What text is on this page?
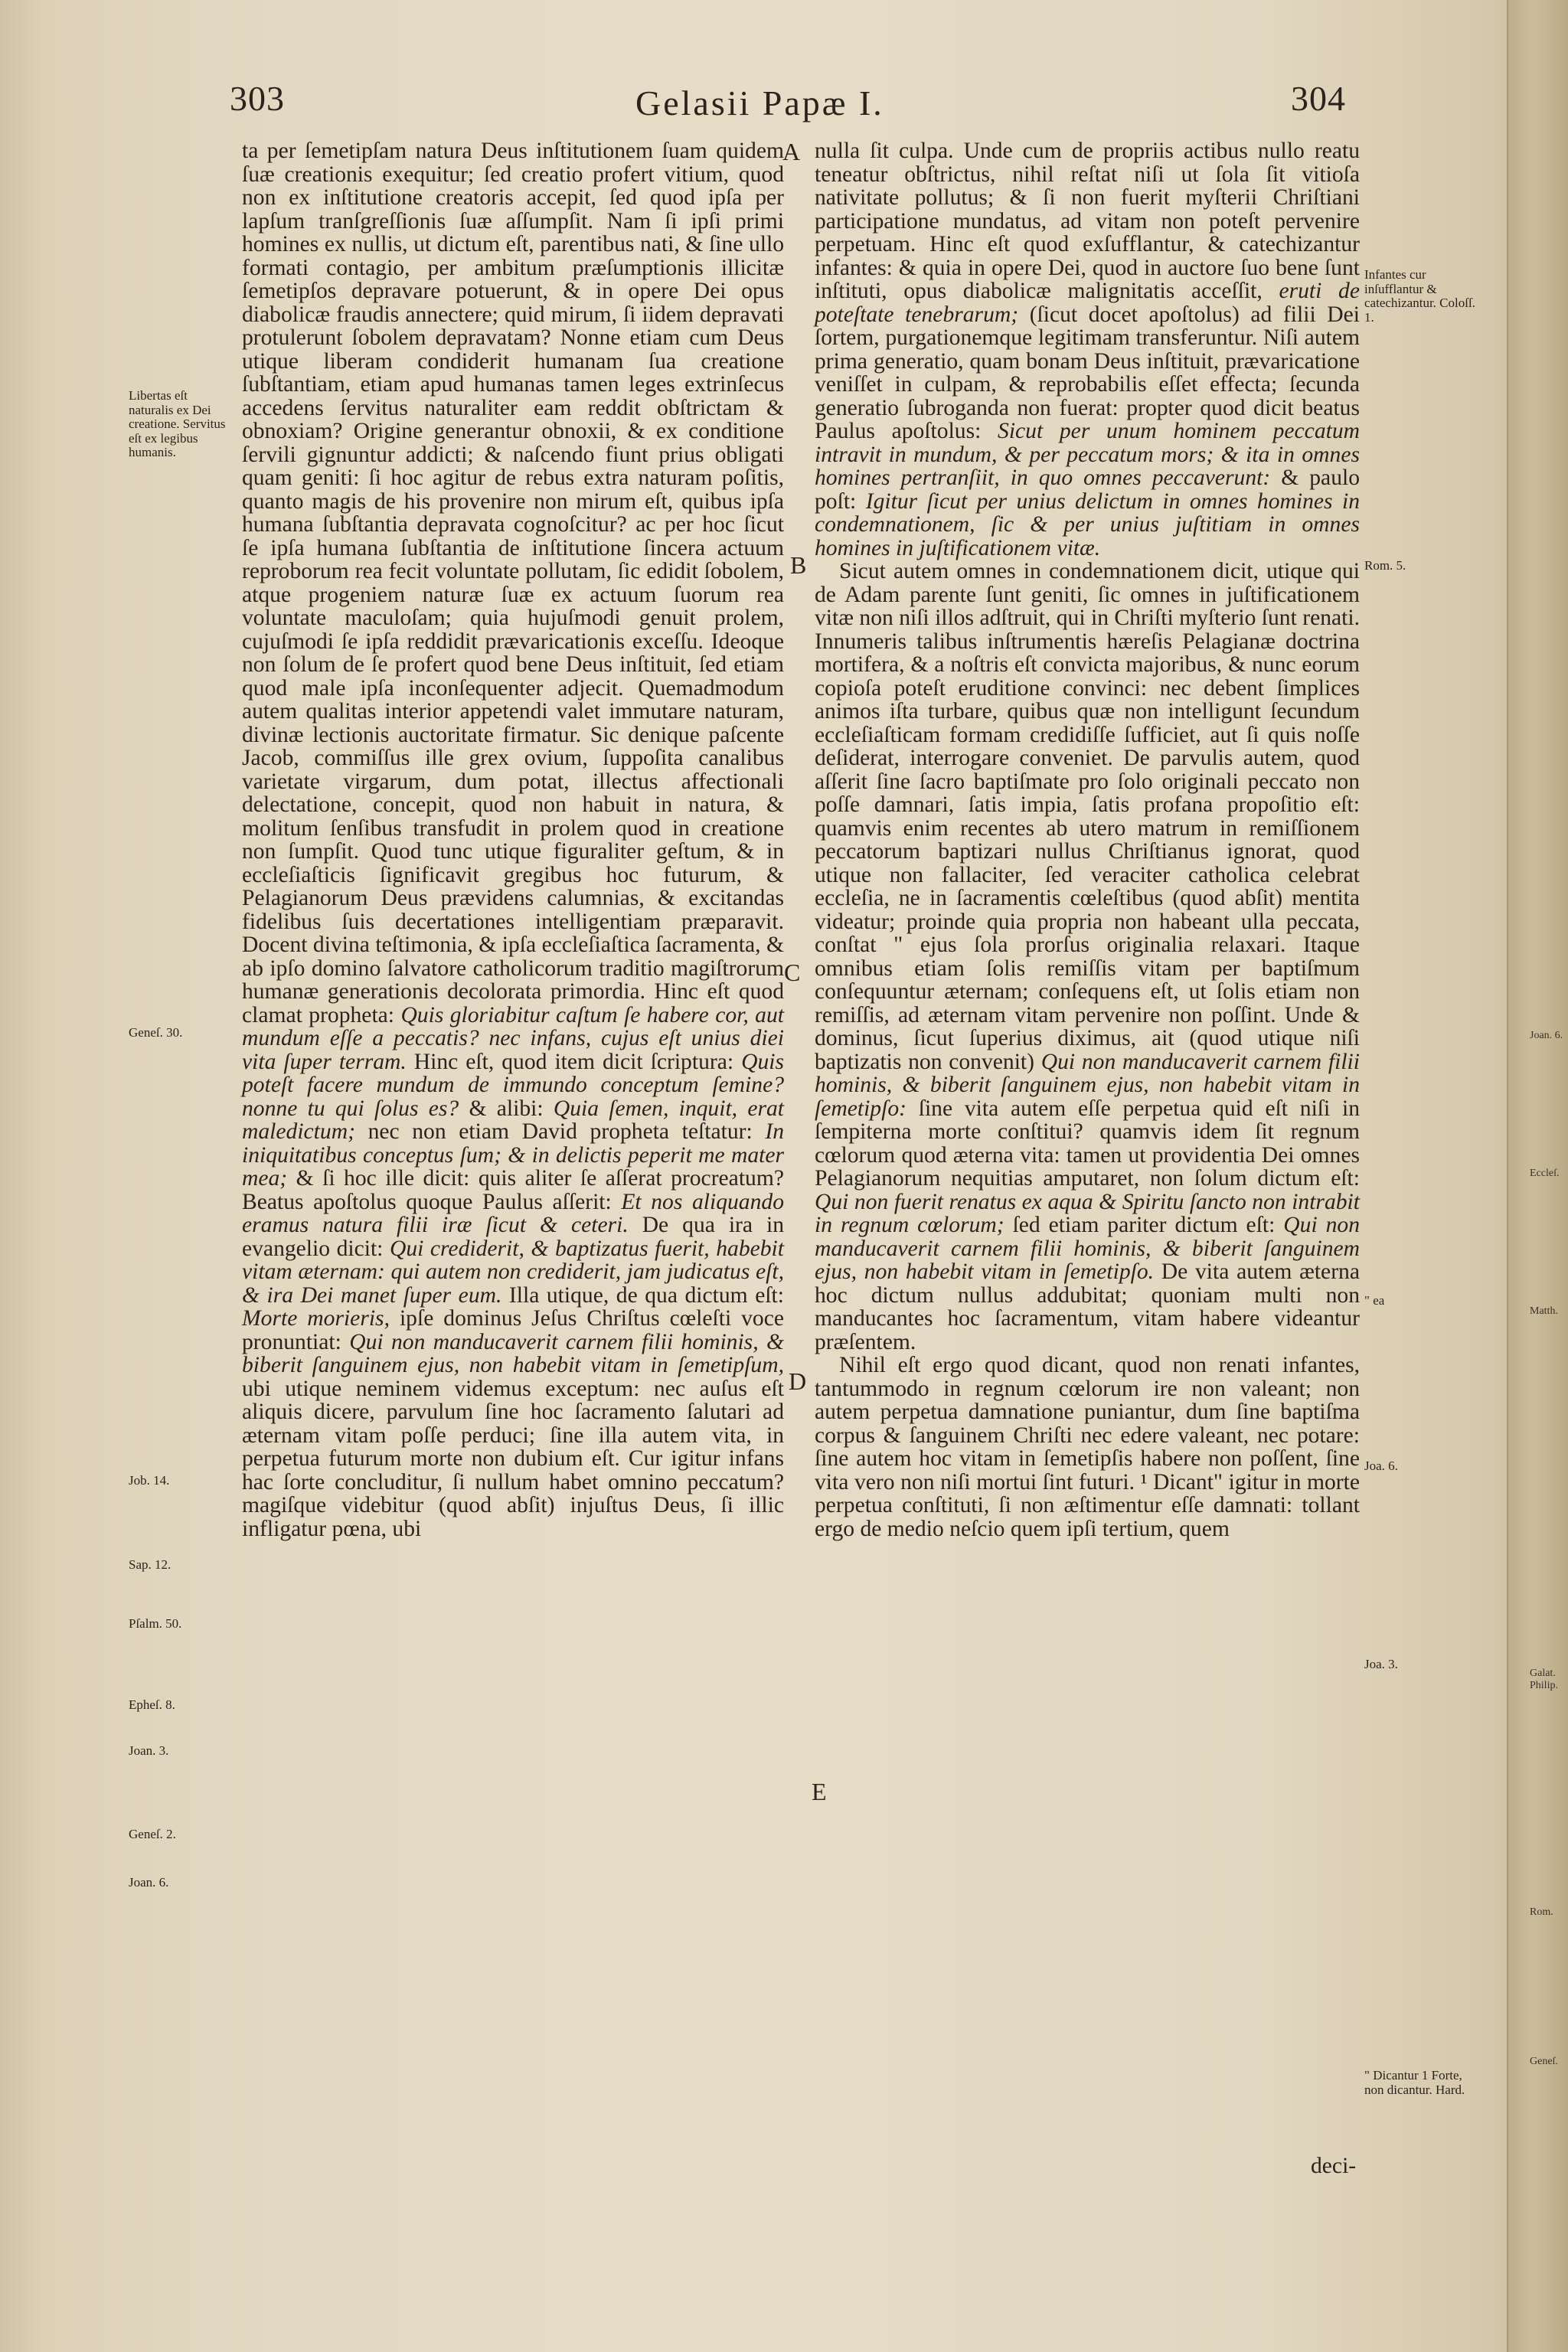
303	Gelasii Papæ I.	304

ta per ſemetipſam natura Deus inſtitutionem ſuam quidem ſuæ creationis exequitur; ſed creatio profert vitium, quod non ex inſtitutione creatoris accepit, ſed quod ipſa per lapſum tranſgreſſionis ſuæ aſſumpſit. Nam ſi ipſi primi homines ex nullis, ut dictum eſt, parentibus nati, & ſine ullo formati contagio, per ambitum præſumptionis illicitæ ſemetipſos depravare potuerunt, & in opere Dei opus diabolicæ fraudis annectere; quid mirum, ſi iidem depravati protulerunt ſobolem depravatam? Nonne etiam cum Deus utique liberam condiderit humanam ſua creatione ſubſtantiam, etiam apud humanas tamen leges extrinſecus accedens ſervitus naturaliter eam reddit obſtrictam & obnoxiam? Origine generantur obnoxii, & ex conditione ſervili gignuntur addicti; & naſcendo fiunt prius obligati quam geniti: ſi hoc agitur de rebus extra naturam poſitis, quanto magis de his provenire non mirum eſt, quibus ipſa humana ſubſtantia depravata cognoſcitur? ac per hoc ſicut ſe ipſa humana ſubſtantia de inſtitutione ſincera actuum reproborum rea fecit voluntate pollutam, ſic edidit ſobolem, atque progeniem naturæ ſuæ ex actuum ſuorum rea voluntate maculoſam; quia hujuſmodi genuit prolem, cujuſmodi ſe ipſa reddidit prævaricationis exceſſu. Ideoque non ſolum de ſe profert quod bene Deus inſtituit, ſed etiam quod male ipſa inconſequenter adjecit. Quemadmodum autem qualitas interior appetendi valet immutare naturam, divinæ lectionis auctoritate firmatur. Sic denique paſcente Jacob, commiſſus ille grex ovium, ſuppoſita canalibus varietate virgarum, dum potat, illectus affectionali delectatione, concepit, quod non habuit in natura, & molitum ſenſibus transfudit in prolem quod in creatione non ſumpſit. Quod tunc utique figuraliter geſtum, & in eccleſiaſticis ſignificavit gregibus hoc futurum, & Pelagianorum Deus prævidens calumnias, & excitandas fidelibus ſuis decertationes intelligentiam præparavit. Docent divina teſtimonia, & ipſa eccleſiaſtica ſacramenta, & ab ipſo domino ſalvatore catholicorum traditio magiſtrorum humanæ generationis decolorata primordia. Hinc eſt quod clamat propheta: Quis gloriabitur caſtum ſe habere cor, aut mundum eſſe a peccatis? nec infans, cujus eſt unius diei vita ſuper terram. Hinc eſt, quod item dicit ſcriptura: Quis poteſt facere mundum de immundo conceptum ſemine? nonne tu qui ſolus es? & alibi: Quia ſemen, inquit, erat maledictum; nec non etiam David propheta teſtatur: In iniquitatibus conceptus ſum; & in delictis peperit me mater mea; & ſi hoc ille dicit: quis aliter ſe aſſerat procreatum? Beatus apoſtolus quoque Paulus aſſerit: Et nos aliquando eramus natura filii iræ ſicut & ceteri. De qua ira in evangelio dicit: Qui crediderit, & baptizatus fuerit, habebit vitam æternam: qui autem non crediderit, jam judicatus eſt, & ira Dei manet ſuper eum. Illa utique, de qua dictum eſt: Morte morieris, ipſe dominus Jeſus Chriſtus cœleſti voce pronuntiat: Qui non manducaverit carnem filii hominis, & biberit ſanguinem ejus, non habebit vitam in ſemetipſum, ubi utique neminem videmus exceptum: nec auſus eſt aliquis dicere, parvulum ſine hoc ſacramento ſalutari ad æternam vitam poſſe perduci; ſine illa autem vita, in perpetua futurum morte non dubium eſt. Cur igitur infans hac ſorte concluditur, ſi nullum habet omnino peccatum? magiſque videbitur (quod abſit) injuſtus Deus, ſi illic infligatur pœna, ubi

nulla ſit culpa. Unde cum de propriis actibus nullo reatu teneatur obſtrictus, nihil reſtat niſi ut ſola ſit vitioſa nativitate pollutus; & ſi non fuerit myſterii Chriſtiani participatione mundatus, ad vitam non poteſt pervenire perpetuam. Hinc eſt quod exſufflantur, & catechizantur infantes: & quia in opere Dei, quod in auctore ſuo bene ſunt inſtituti, opus diabolicæ malignitatis acceſſit, eruti de poteſtate tenebrarum; (ſicut docet apoſtolus) ad filii Dei ſortem, purgationemque legitimam transferuntur. Niſi autem prima generatio, quam bonam Deus inſtituit, prævaricatione veniſſet in culpam, & reprobabilis eſſet effecta; ſecunda generatio ſubroganda non fuerat: propter quod dicit beatus Paulus apoſtolus: Sicut per unum hominem peccatum intravit in mundum, & per peccatum mors; & ita in omnes homines pertranſiit, in quo omnes peccaverunt: & paulo poſt: Igitur ſicut per unius delictum in omnes homines in condemnationem, ſic & per unius juſtitiam in omnes homines in juſtificationem vitæ.

Sicut autem omnes in condemnationem dicit, utique qui de Adam parente ſunt geniti, ſic omnes in juſtificationem vitæ non niſi illos adſtruit, qui in Chriſti myſterio ſunt renati. Innumeris talibus inſtrumentis hæreſis Pelagianæ doctrina mortifera, & a noſtris eſt convicta majoribus, & nunc eorum copioſa poteſt eruditione convinci: nec debent ſimplices animos iſta turbare, quibus quæ non intelligunt ſecundum eccleſiaſticam formam credidiſſe ſufficiet, aut ſi quis noſſe deſiderat, interrogare conveniet. De parvulis autem, quod aſſerit ſine ſacro baptiſmate pro ſolo originali peccato non poſſe damnari, ſatis impia, ſatis profana propoſitio eſt: quamvis enim recentes ab utero matrum in remiſſionem peccatorum baptizari nullus Chriſtianus ignorat, quod utique non fallaciter, ſed veraciter catholica celebrat eccleſia, ne in ſacramentis cœleſtibus (quod abſit) mentita videatur; proinde quia propria non habeant ulla peccata, conſtat " ejus ſola prorſus originalia relaxari. Itaque omnibus etiam ſolis remiſſis vitam per baptiſmum conſequuntur æternam; conſequens eſt, ut ſolis etiam non remiſſis, ad æternam vitam pervenire non poſſint. Unde & dominus, ſicut ſuperius diximus, ait (quod utique niſi baptizatis non convenit) Qui non manducaverit carnem filii hominis, & biberit ſanguinem ejus, non habebit vitam in ſemetipſo: ſine vita autem eſſe perpetua quid eſt niſi in ſempiterna morte conſtitui? quamvis idem ſit regnum cœlorum quod æterna vita: tamen ut providentia Dei omnes Pelagianorum nequitias amputaret, non ſolum dictum eſt: Qui non fuerit renatus ex aqua & Spiritu ſancto non intrabit in regnum cœlorum; ſed etiam pariter dictum eſt: Qui non manducaverit carnem filii hominis, & biberit ſanguinem ejus, non habebit vitam in ſemetipſo. De vita autem æterna hoc dictum nullus addubitat; quoniam multi non manducantes hoc ſacramentum, vitam habere videantur præſentem.

Nihil eſt ergo quod dicant, quod non renati infantes, tantummodo in regnum cœlorum ire non valeant; non autem perpetua damnatione puniantur, dum ſine baptiſma corpus & ſanguinem Chriſti nec edere valeant, nec potare: ſine autem hoc vitam in ſemetipſis habere non poſſent, ſine vita vero non niſi mortui ſint futuri. ¹ Dicant" igitur in morte perpetua conſtituti, ſi non æſtimentur eſſe damnati: tollant ergo de medio neſcio quem ipſi tertium, quem

deci-
A
B
C
D
E
Libertas eſt naturalis ex Dei creatione. Servitus eſt ex legibus humanis.
Geneſ. 30.
Job. 14.
Sap. 12.
Pſalm. 50.
Epheſ. 8.
Joan. 3.
Geneſ. 2.
Joan. 6.
Infantes cur inſufflantur & catechizantur. Coloſſ. 1.
Rom. 5.
" ea
Joa. 6.
Joa. 3.
" Dicantur 1 Forte, non dicantur. Hard.
Joan. 6.
Eccleſ.
Matth.
Galat. Philip.
Rom.
Geneſ.
